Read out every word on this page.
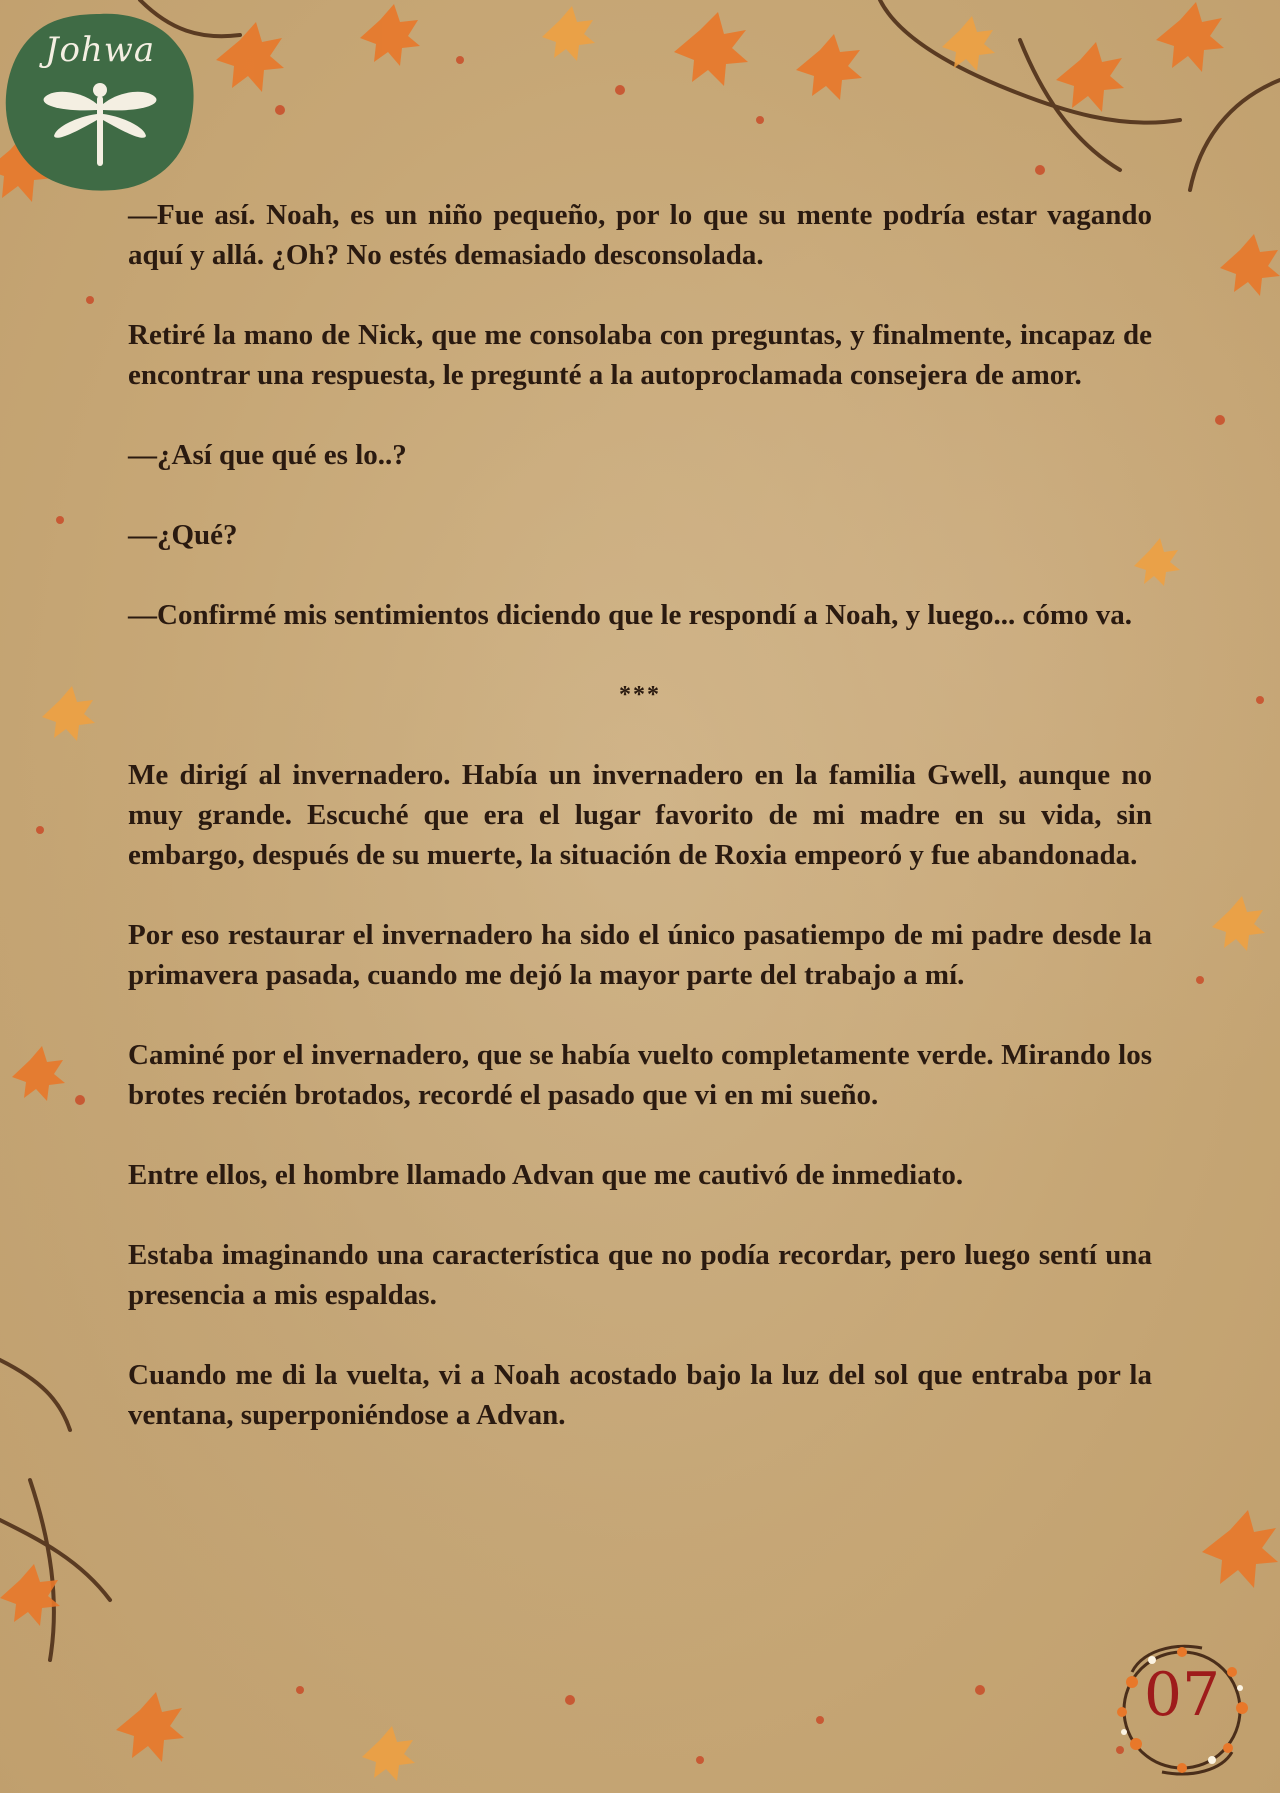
Johwa

—Fue así. Noah, es un niño pequeño, por lo que su mente podría estar vagando aquí y allá. ¿Oh? No estés demasiado desconsolada.

Retiré la mano de Nick, que me consolaba con preguntas, y finalmente, incapaz de encontrar una respuesta, le pregunté a la autoproclamada consejera de amor.

—¿Así que qué es lo..?

—¿Qué?

—Confirmé mis sentimientos diciendo que le respondí a Noah, y luego... cómo va.

***

Me dirigí al invernadero. Había un invernadero en la familia Gwell, aunque no muy grande. Escuché que era el lugar favorito de mi madre en su vida, sin embargo, después de su muerte, la situación de Roxia empeoró y fue abandonada.

Por eso restaurar el invernadero ha sido el único pasatiempo de mi padre desde la primavera pasada, cuando me dejó la mayor parte del trabajo a mí.

Caminé por el invernadero, que se había vuelto completamente verde. Mirando los brotes recién brotados, recordé el pasado que vi en mi sueño.

Entre ellos, el hombre llamado Advan que me cautivó de inmediato.

Estaba imaginando una característica que no podía recordar, pero luego sentí una presencia a mis espaldas.

Cuando me di la vuelta, vi a Noah acostado bajo la luz del sol que entraba por la ventana, superponiéndose a Advan.

07
